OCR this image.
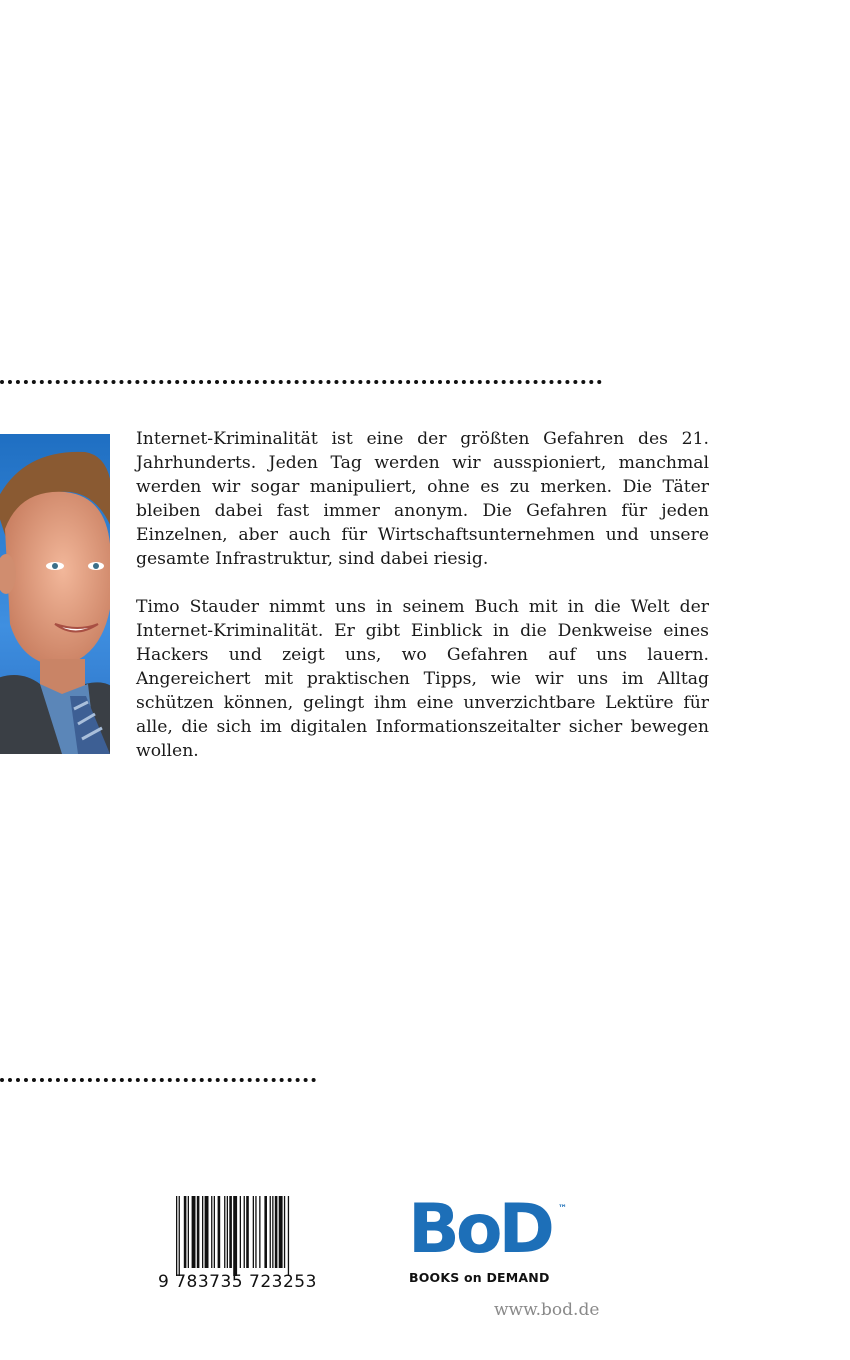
Internet-Kriminalität ist eine der größten Gefahren des 21. Jahrhunderts. Jeden Tag werden wir ausspioniert, manchmal werden wir sogar manipuliert, ohne es zu merken. Die Täter bleiben dabei fast immer anonym. Die Gefahren für jeden Einzelnen, aber auch für Wirtschaftsunternehmen und unsere gesamte Infrastruktur, sind dabei riesig.

Timo Stauder nimmt uns in seinem Buch mit in die Welt der Internet-Kriminalität. Er gibt Einblick in die Denkweise eines Hackers und zeigt uns, wo Gefahren auf uns lauern. Angereichert mit praktischen Tipps, wie wir uns im Alltag schützen können, gelingt ihm eine unverzichtbare Lektüre für alle, die sich im digitalen Informationszeitalter sicher bewegen wollen.

9 783735 723253
BoD ™
BOOKS on DEMAND
www.bod.de
